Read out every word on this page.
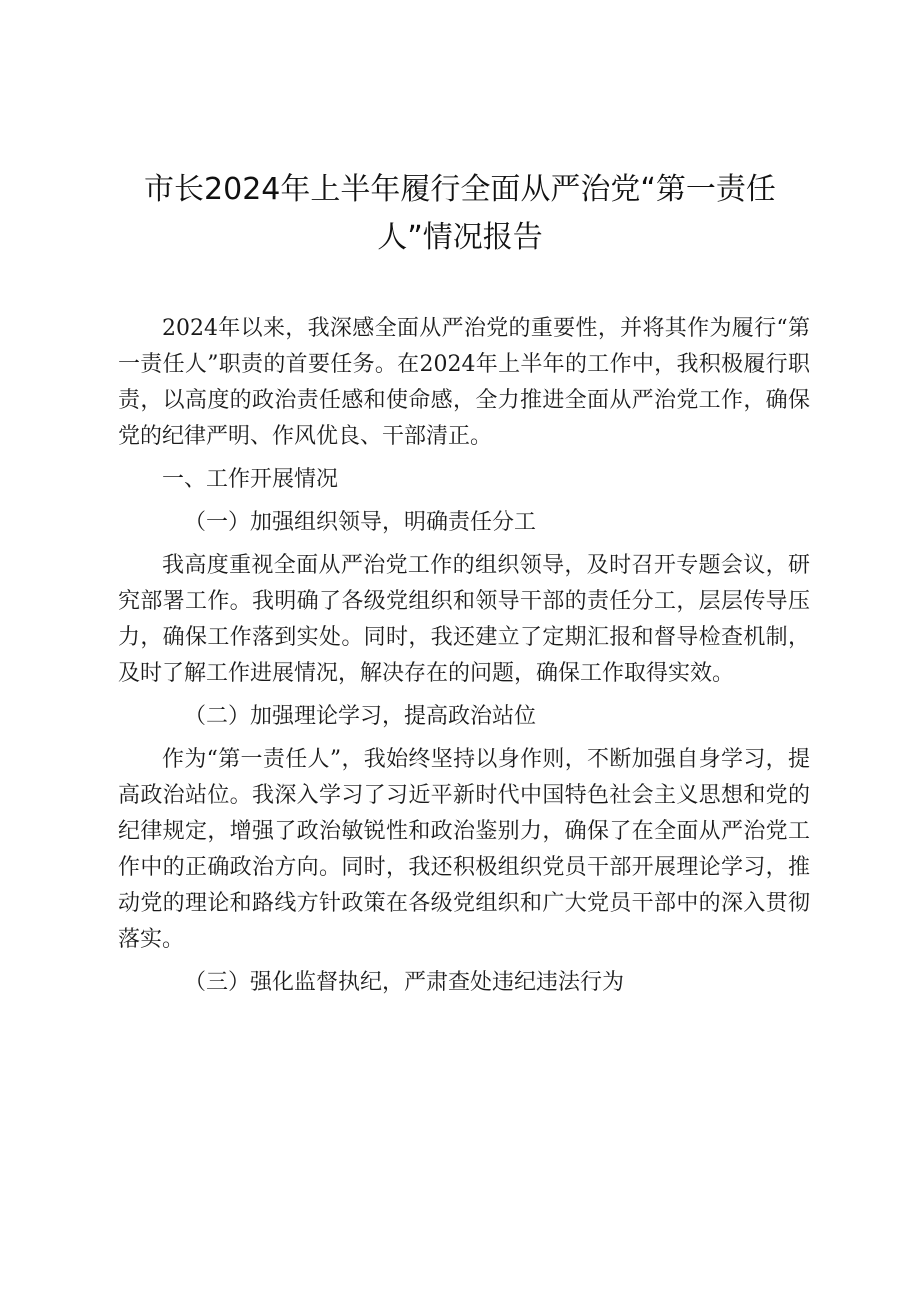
市长2024年上半年履行全面从严治党“第一责任人”情况报告

2024年以来，我深感全面从严治党的重要性，并将其作为履行“第一责任人”职责的首要任务。在2024年上半年的工作中，我积极履行职责，以高度的政治责任感和使命感，全力推进全面从严治党工作，确保党的纪律严明、作风优良、干部清正。

一、工作开展情况

（一）加强组织领导，明确责任分工

我高度重视全面从严治党工作的组织领导，及时召开专题会议，研究部署工作。我明确了各级党组织和领导干部的责任分工，层层传导压力，确保工作落到实处。同时，我还建立了定期汇报和督导检查机制，及时了解工作进展情况，解决存在的问题，确保工作取得实效。

（二）加强理论学习，提高政治站位

作为“第一责任人”，我始终坚持以身作则，不断加强自身学习，提高政治站位。我深入学习了习近平新时代中国特色社会主义思想和党的纪律规定，增强了政治敏锐性和政治鉴别力，确保了在全面从严治党工作中的正确政治方向。同时，我还积极组织党员干部开展理论学习，推动党的理论和路线方针政策在各级党组织和广大党员干部中的深入贯彻落实。

（三）强化监督执纪，严肃查处违纪违法行为
